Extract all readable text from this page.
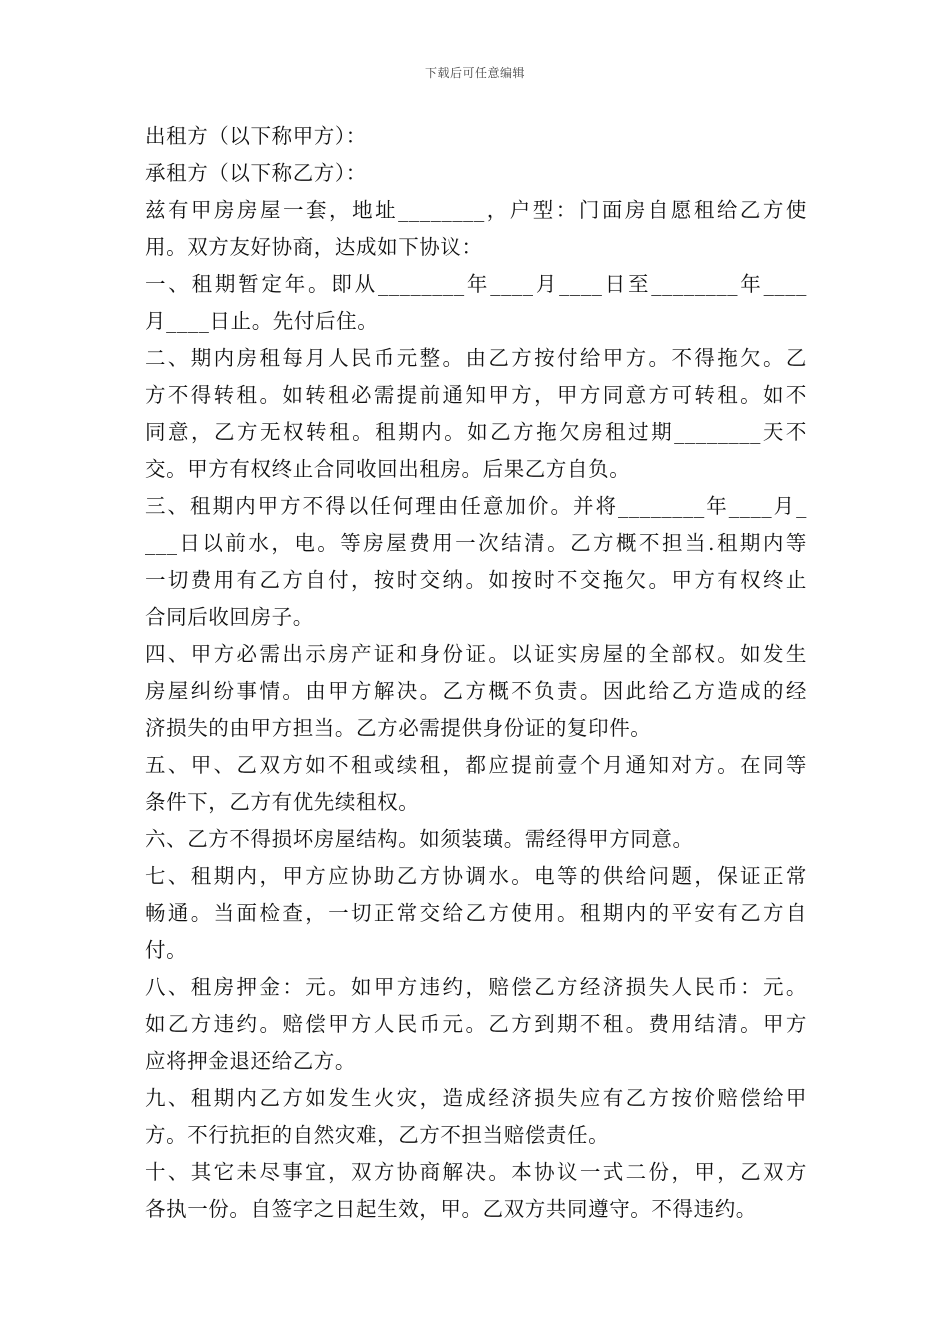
下载后可任意编辑
出租方（以下称甲方）：
承租方（以下称乙方）：
兹有甲房房屋一套，地址________，户型：门面房自愿租给乙方使
用。双方友好协商，达成如下协议：
一、租期暂定年。即从________年____月____日至________年____
月____日止。先付后住。
二、期内房租每月人民币元整。由乙方按付给甲方。不得拖欠。乙
方不得转租。如转租必需提前通知甲方，甲方同意方可转租。如不
同意，乙方无权转租。租期内。如乙方拖欠房租过期________天不
交。甲方有权终止合同收回出租房。后果乙方自负。
三、租期内甲方不得以任何理由任意加价。并将________年____月_
___日以前水，电。等房屋费用一次结清。乙方概不担当.租期内等
一切费用有乙方自付，按时交纳。如按时不交拖欠。甲方有权终止
合同后收回房子。
四、甲方必需出示房产证和身份证。以证实房屋的全部权。如发生
房屋纠纷事情。由甲方解决。乙方概不负责。因此给乙方造成的经
济损失的由甲方担当。乙方必需提供身份证的复印件。
五、甲、乙双方如不租或续租，都应提前壹个月通知对方。在同等
条件下，乙方有优先续租权。
六、乙方不得损坏房屋结构。如须装璜。需经得甲方同意。
七、租期内，甲方应协助乙方协调水。电等的供给问题，保证正常
畅通。当面检查，一切正常交给乙方使用。租期内的平安有乙方自
付。
八、租房押金：元。如甲方违约，赔偿乙方经济损失人民币：元。
如乙方违约。赔偿甲方人民币元。乙方到期不租。费用结清。甲方
应将押金退还给乙方。
九、租期内乙方如发生火灾，造成经济损失应有乙方按价赔偿给甲
方。不行抗拒的自然灾难，乙方不担当赔偿责任。
十、其它未尽事宜，双方协商解决。本协议一式二份，甲，乙双方
各执一份。自签字之日起生效，甲。乙双方共同遵守。不得违约。
